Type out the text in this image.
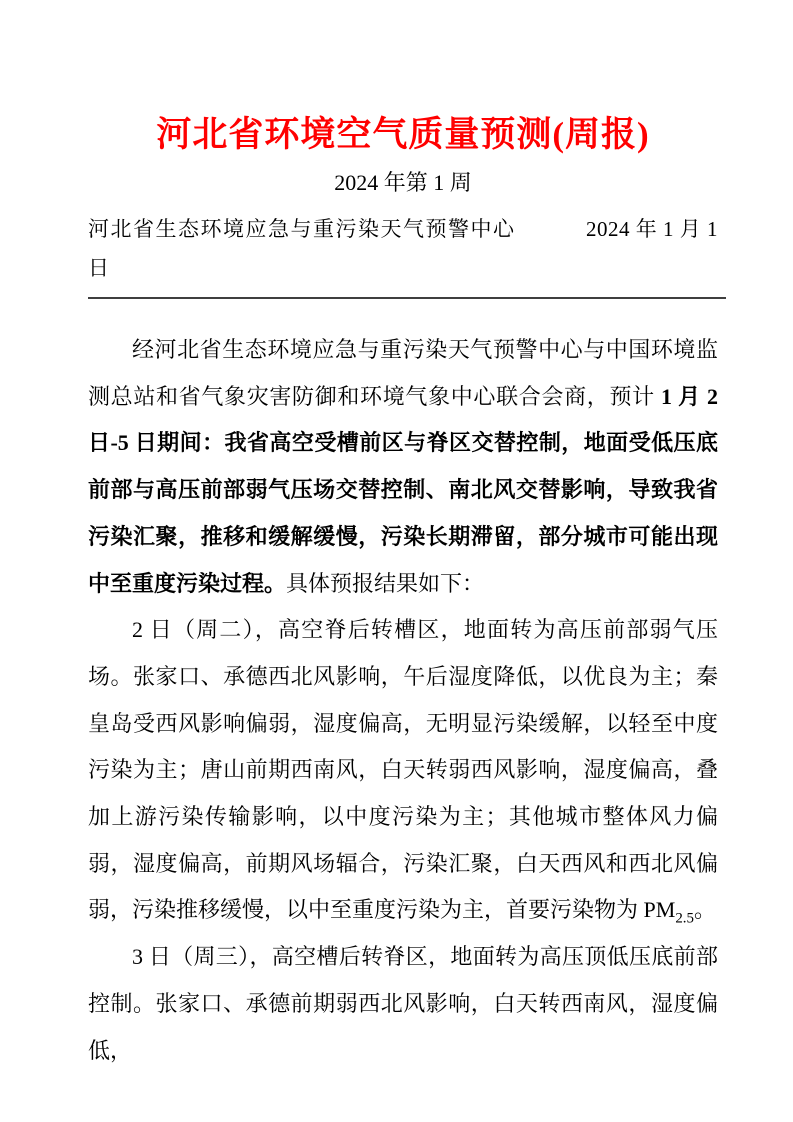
河北省环境空气质量预测(周报)
2024 年第 1 周
河北省生态环境应急与重污染天气预警中心	2024 年 1 月 1
日

经河北省生态环境应急与重污染天气预警中心与中国环境监测总站和省气象灾害防御和环境气象中心联合会商，预计 1 月 2 日-5 日期间：我省高空受槽前区与脊区交替控制，地面受低压底前部与高压前部弱气压场交替控制、南北风交替影响，导致我省污染汇聚，推移和缓解缓慢，污染长期滞留，部分城市可能出现中至重度污染过程。具体预报结果如下：

2 日（周二），高空脊后转槽区，地面转为高压前部弱气压场。张家口、承德西北风影响，午后湿度降低，以优良为主；秦皇岛受西风影响偏弱，湿度偏高，无明显污染缓解，以轻至中度污染为主；唐山前期西南风，白天转弱西风影响，湿度偏高，叠加上游污染传输影响，以中度污染为主；其他城市整体风力偏弱，湿度偏高，前期风场辐合，污染汇聚，白天西风和西北风偏弱，污染推移缓慢，以中至重度污染为主，首要污染物为 $PM_{2.5}$。

3 日（周三），高空槽后转脊区，地面转为高压顶低压底前部控制。张家口、承德前期弱西北风影响，白天转西南风，湿度偏低，
